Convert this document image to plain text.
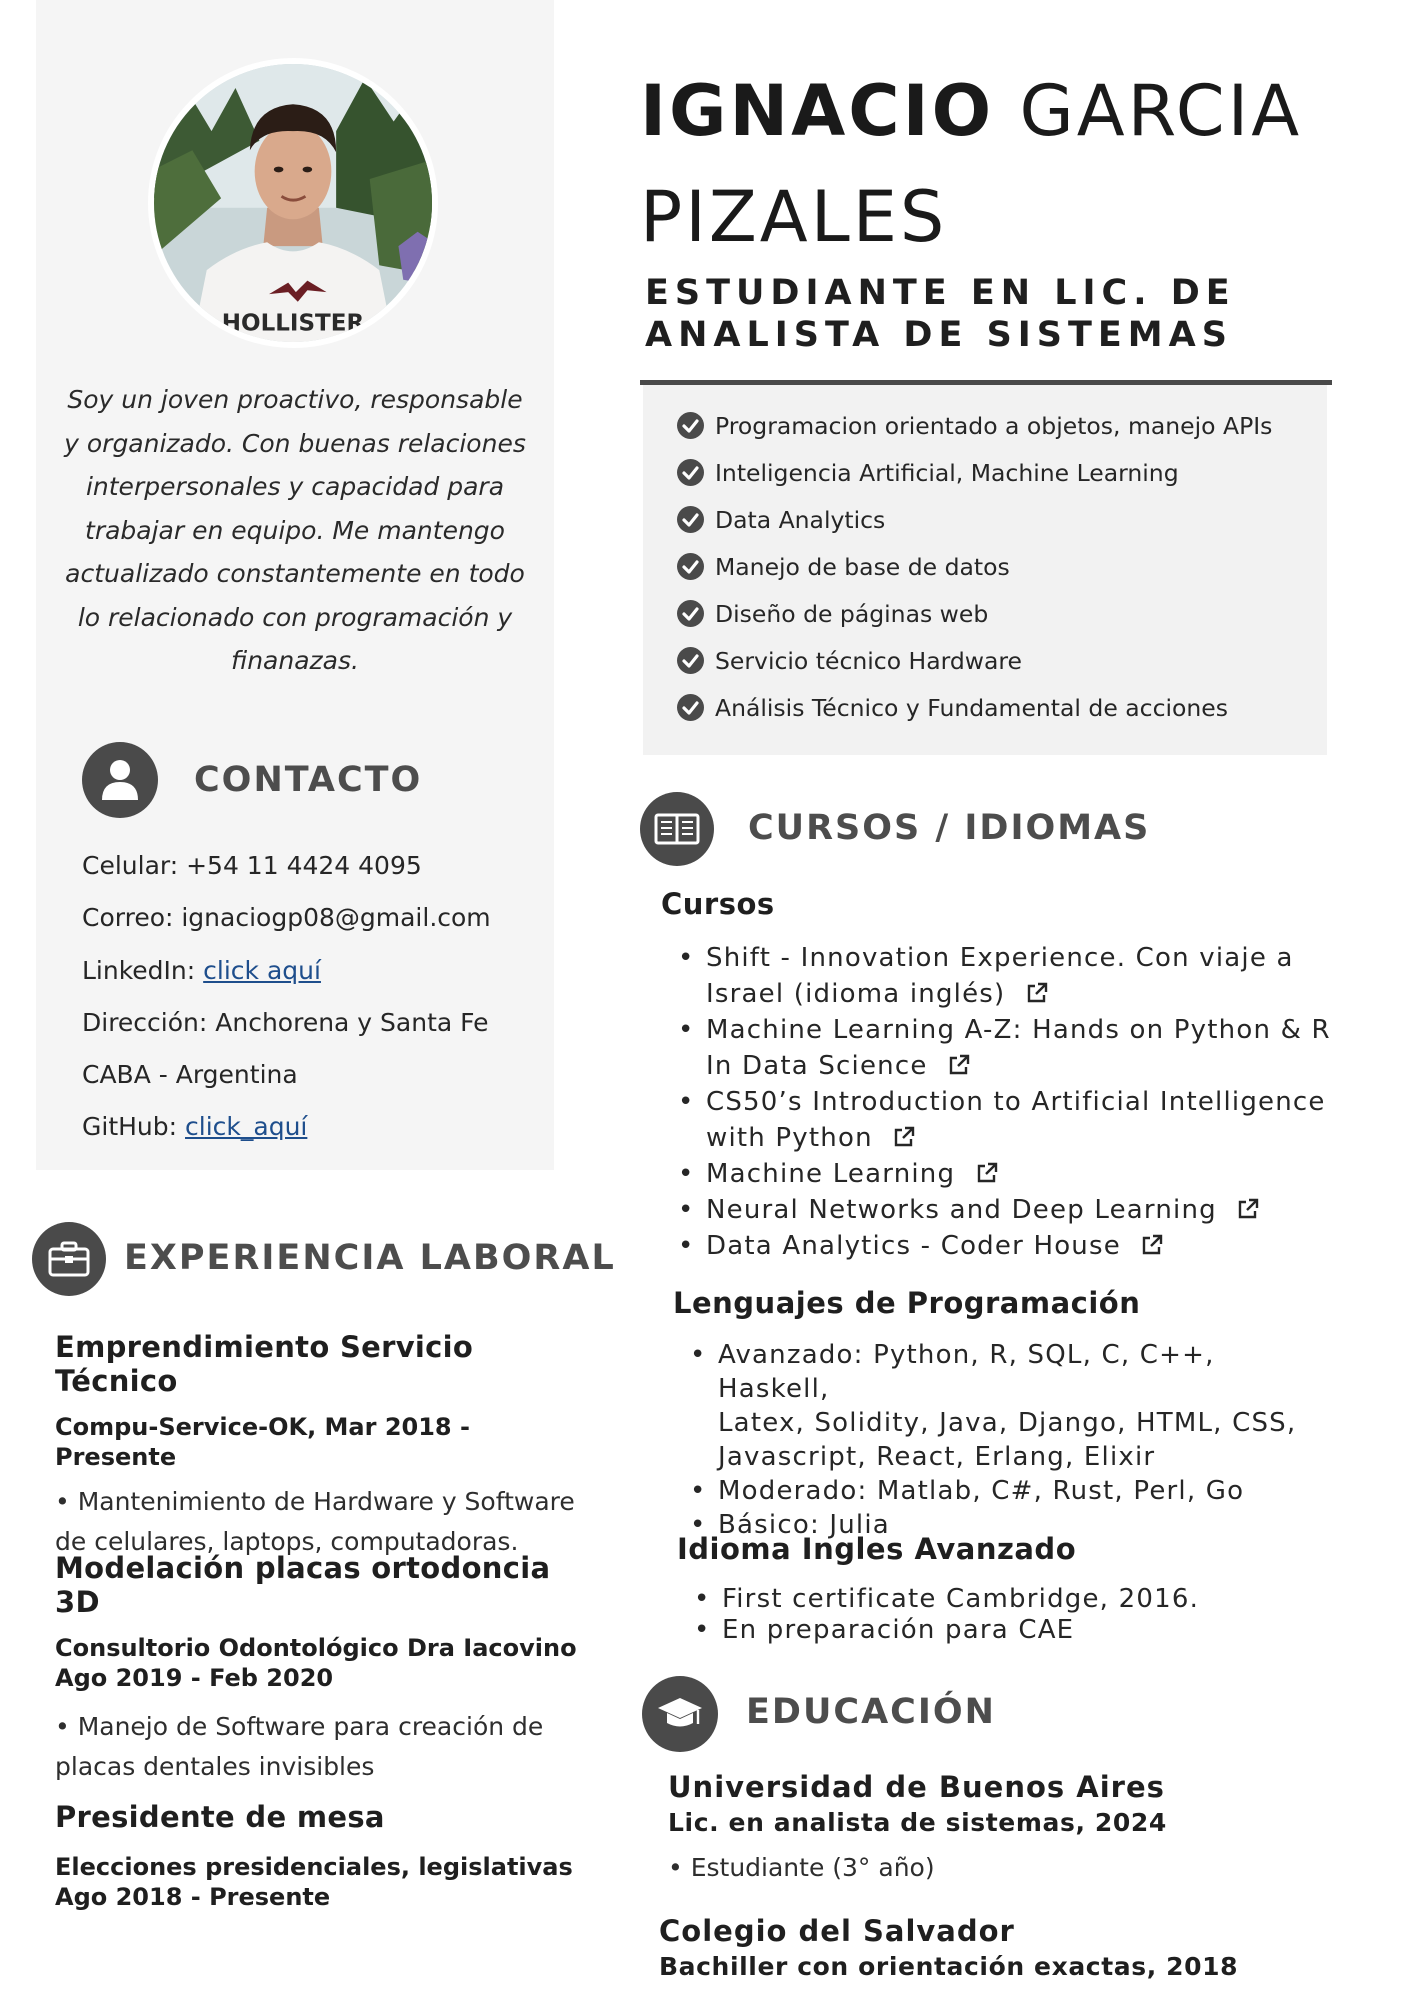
HOLLISTER
Soy un joven proactivo, responsable y organizado. Con buenas relaciones interpersonales y capacidad para trabajar en equipo. Me mantengo actualizado constantemente en todo lo relacionado con programación y finanazas.
CONTACTO
Celular: +54 11 4424 4095
Correo: ignaciogp08@gmail.com
LinkedIn: click aquí
Dirección: Anchorena y Santa Fe
CABA - Argentina
GitHub: click_aquí
EXPERIENCIA LABORAL
Emprendimiento Servicio Técnico
Compu-Service-OK, Mar 2018 - Presente
• Mantenimiento de Hardware y Software
de celulares, laptops, computadoras.
Modelación placas ortodoncia 3D
Consultorio Odontológico Dra Iacovino
Ago 2019 - Feb 2020
• Manejo de Software para creación de
placas dentales invisibles
Presidente de mesa
Elecciones presidenciales, legislativas
Ago 2018 - Presente
IGNACIO GARCIA
PIZALES
ESTUDIANTE EN LIC. DE
ANALISTA DE SISTEMAS
Programacion orientado a objetos, manejo APIs
Inteligencia Artificial, Machine Learning
Data Analytics
Manejo de base de datos
Diseño de páginas web
Servicio técnico Hardware
Análisis Técnico y Fundamental de acciones
CURSOS / IDIOMAS
Cursos
• Shift - Innovation Experience. Con viaje a
Israel (idioma inglés)
• Machine Learning A-Z: Hands on Python & R
In Data Science
• CS50’s Introduction to Artificial Intelligence
with Python
• Machine Learning
• Neural Networks and Deep Learning
• Data Analytics - Coder House
Lenguajes de Programación
• Avanzado: Python, R, SQL, C, C++, Haskell,
Latex, Solidity, Java, Django, HTML, CSS,
Javascript, React, Erlang, Elixir
• Moderado: Matlab, C#, Rust, Perl, Go
• Básico: Julia
Idioma Ingles Avanzado
• First certificate Cambridge, 2016.
• En preparación para CAE
EDUCACIÓN
Universidad de Buenos Aires
Lic. en analista de sistemas, 2024
• Estudiante (3° año)
Colegio del Salvador
Bachiller con orientación exactas, 2018
